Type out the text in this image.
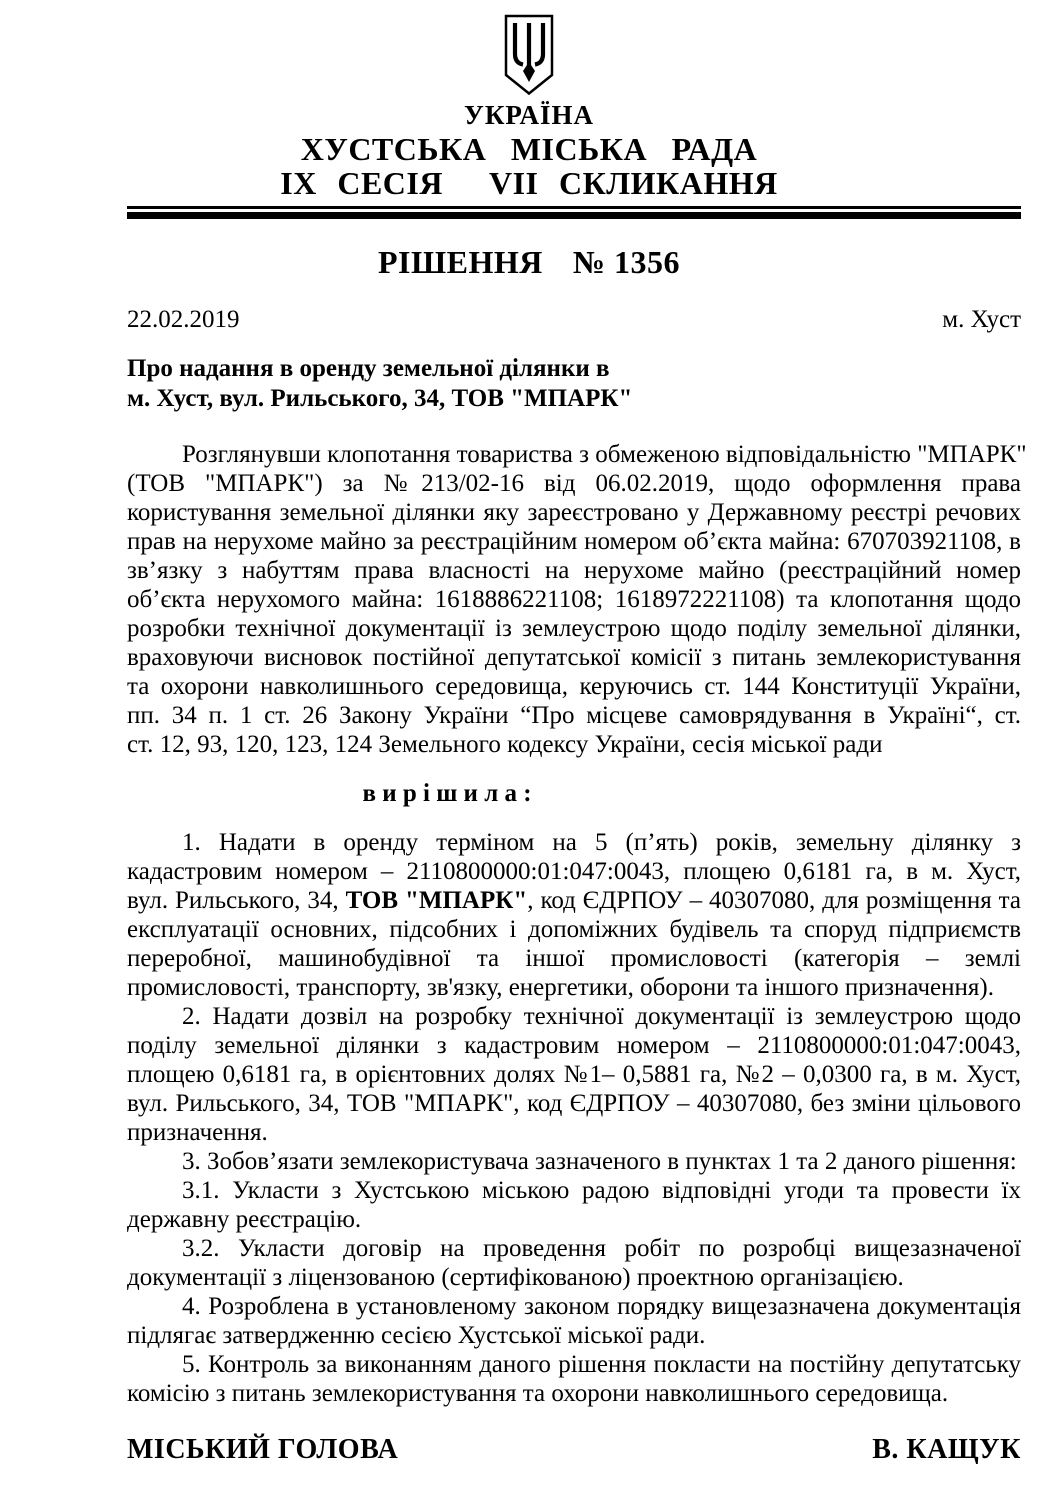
УКРАЇНА
ХУСТСЬКА МІСЬКА РАДА
IX СЕСІЯ VII СКЛИКАННЯ
РІШЕННЯ № 1356
22.02.2019	м. Хуст
Про надання в оренду земельної ділянки в
м. Хуст, вул. Рильського, 34, ТОВ "МПАРК"
Розглянувши клопотання товариства з обмеженою відповідальністю "МПАРК"
(ТОВ "МПАРК") за №213/02-16 від 06.02.2019, щодо оформлення права
користування земельної ділянки яку зареєстровано у Державному реєстрі речових
прав на нерухоме майно за реєстраційним номером об’єкта майна: 670703921108, в
зв’язку з набуттям права власності на нерухоме майно (реєстраційний номер
об’єкта нерухомого майна: 1618886221108; 1618972221108) та клопотання щодо
розробки технічної документації із землеустрою щодо поділу земельної ділянки,
враховуючи висновок постійної депутатської комісії з питань землекористування
та охорони навколишнього середовища, керуючись ст. 144 Конституції України,
пп. 34 п. 1 ст. 26 Закону України “Про місцеве самоврядування в Україні“, ст.
ст. 12, 93, 120, 123, 124 Земельного кодексу України, сесія міської ради
в и р і ш и л а :
1. Надати в оренду терміном на 5 (п’ять) років, земельну ділянку з
кадастровим номером – 2110800000:01:047:0043, площею 0,6181 га, в м. Хуст,
вул. Рильського, 34, ТОВ "МПАРК", код ЄДРПОУ – 40307080, для розміщення та
експлуатації основних, підсобних і допоміжних будівель та споруд підприємств
переробної, машинобудівної та іншої промисловості (категорія – землі
промисловості, транспорту, зв'язку, енергетики, оборони та іншого призначення).
2. Надати дозвіл на розробку технічної документації із землеустрою щодо
поділу земельної ділянки з кадастровим номером – 2110800000:01:047:0043,
площею 0,6181 га, в орієнтовних долях №1– 0,5881 га, №2 – 0,0300 га, в м. Хуст,
вул. Рильського, 34, ТОВ "МПАРК", код ЄДРПОУ – 40307080, без зміни цільового
призначення.
3. Зобов’язати землекористувача зазначеного в пунктах 1 та 2 даного рішення:
3.1. Укласти з Хустською міською радою відповідні угоди та провести їх
державну реєстрацію.
3.2. Укласти договір на проведення робіт по розробці вищезазначеної
документації з ліцензованою (сертифікованою) проектною організацією.
4. Розроблена в установленому законом порядку вищезазначена документація
підлягає затвердженню сесією Хустської міської ради.
5. Контроль за виконанням даного рішення покласти на постійну депутатську
комісію з питань землекористування та охорони навколишнього середовища.
МІСЬКИЙ ГОЛОВА	В. КАЩУК
